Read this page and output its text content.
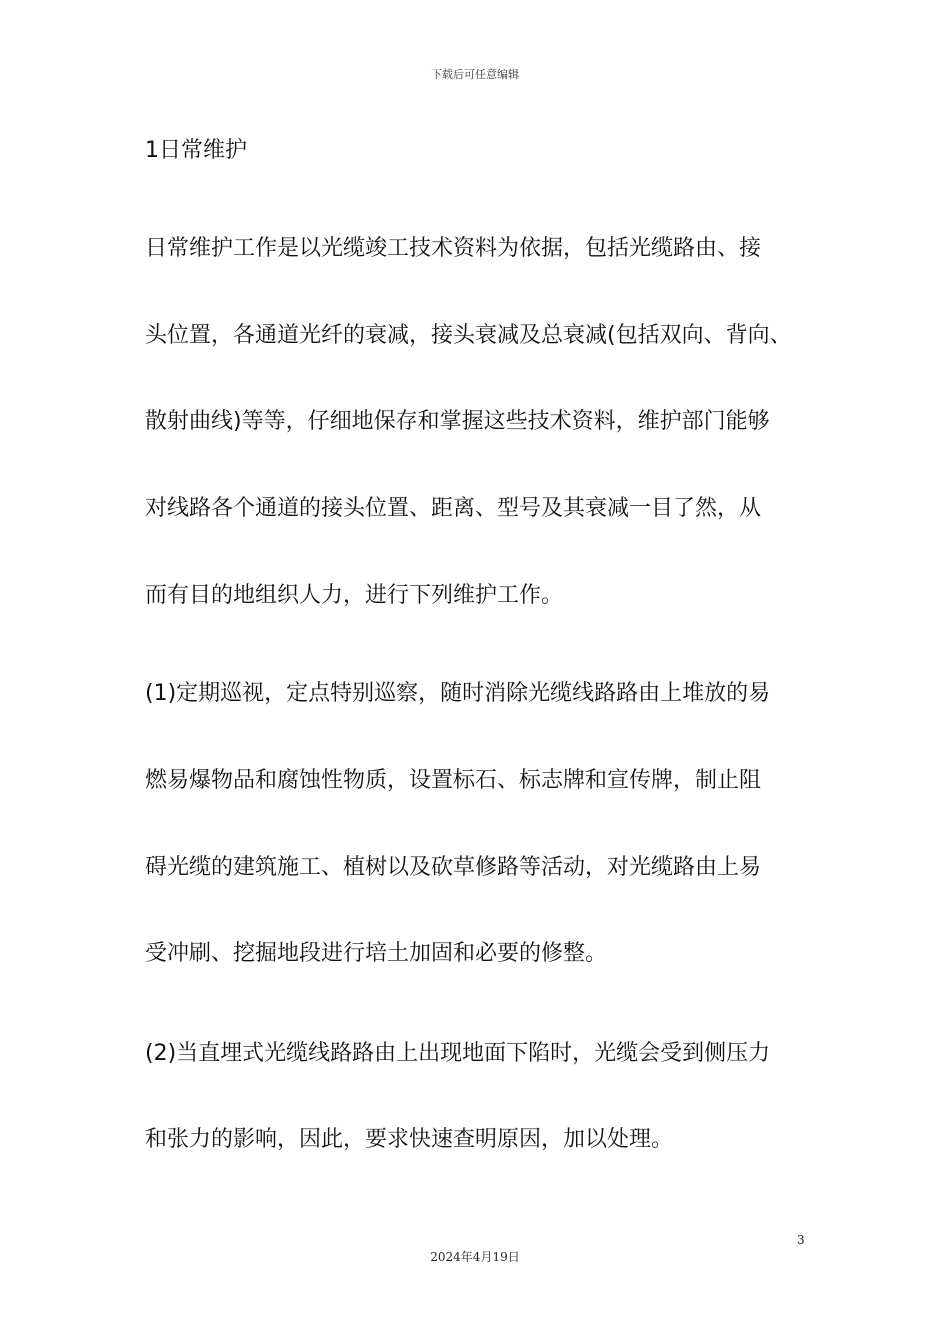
下载后可任意编辑
1日常维护
日常维护工作是以光缆竣工技术资料为依据，包括光缆路由、接
头位置，各通道光纤的衰减，接头衰减及总衰减(包括双向、背向、
散射曲线)等等，仔细地保存和掌握这些技术资料，维护部门能够
对线路各个通道的接头位置、距离、型号及其衰减一目了然，从
而有目的地组织人力，进行下列维护工作。
(1)定期巡视，定点特别巡察，随时消除光缆线路路由上堆放的易
燃易爆物品和腐蚀性物质，设置标石、标志牌和宣传牌，制止阻
碍光缆的建筑施工、植树以及砍草修路等活动，对光缆路由上易
受冲刷、挖掘地段进行培土加固和必要的修整。
(2)当直埋式光缆线路路由上出现地面下陷时，光缆会受到侧压力
和张力的影响，因此，要求快速查明原因，加以处理。
3
2024年4月19日
